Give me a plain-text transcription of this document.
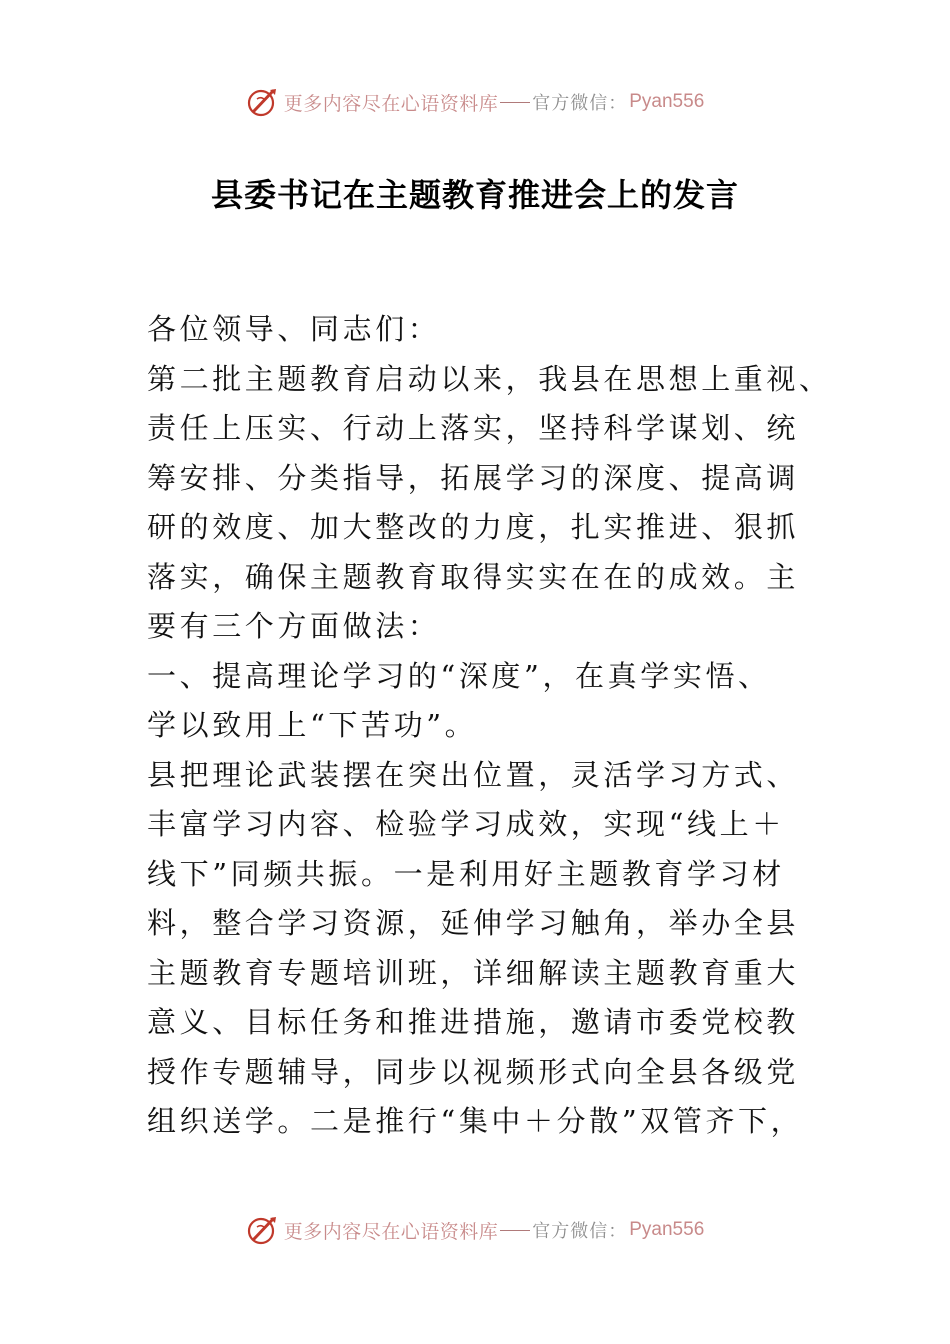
更多内容尽在心语资料库 官方微信： Pyan556
县委书记在主题教育推进会上的发言

各位领导、同志们：

第二批主题教育启动以来，我县在思想上重视、

责任上压实、行动上落实，坚持科学谋划、统

筹安排、分类指导，拓展学习的深度、提高调

研的效度、加大整改的力度，扎实推进、狠抓

落实，确保主题教育取得实实在在的成效。主

要有三个方面做法：

一、提高理论学习的“深度”，在真学实悟、

学以致用上“下苦功”。

县把理论武装摆在突出位置，灵活学习方式、

丰富学习内容、检验学习成效，实现“线上＋

线下”同频共振。一是利用好主题教育学习材

料，整合学习资源，延伸学习触角，举办全县

主题教育专题培训班，详细解读主题教育重大

意义、目标任务和推进措施，邀请市委党校教

授作专题辅导，同步以视频形式向全县各级党

组织送学。二是推行“集中＋分散”双管齐下，

更多内容尽在心语资料库 官方微信： Pyan556
